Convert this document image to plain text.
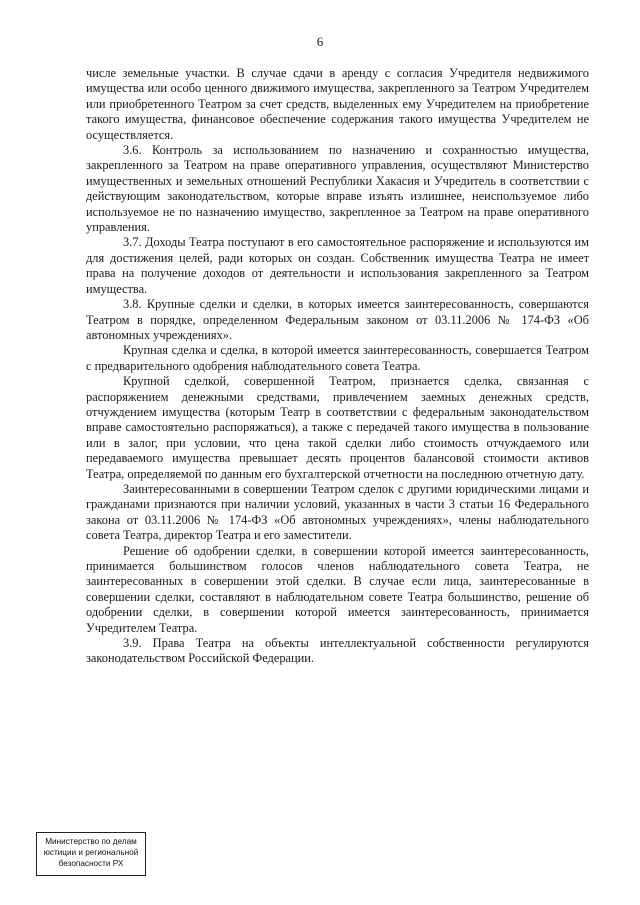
6

числе земельные участки. В случае сдачи в аренду с согласия Учредителя недвижимого имущества или особо ценного движимого имущества, закрепленного за Театром Учредителем или приобретенного Театром за счет средств, выделенных ему Учредителем на приобретение такого имущества, финансовое обеспечение содержания такого имущества Учредителем не осуществляется.

3.6. Контроль за использованием по назначению и сохранностью имущества, закрепленного за Театром на праве оперативного управления, осуществляют Министерство имущественных и земельных отношений Республики Хакасия и Учредитель в соответствии с действующим законодательством, которые вправе изъять излишнее, неиспользуемое либо используемое не по назначению имущество, закрепленное за Театром на праве оперативного управления.

3.7. Доходы Театра поступают в его самостоятельное распоряжение и используются им для достижения целей, ради которых он создан. Собственник имущества Театра не имеет права на получение доходов от деятельности и использования закрепленного за Театром имущества.

3.8. Крупные сделки и сделки, в которых имеется заинтересованность, совершаются Театром в порядке, определенном Федеральным законом от 03.11.2006 № 174-ФЗ «Об автономных учреждениях».

Крупная сделка и сделка, в которой имеется заинтересованность, совершается Театром с предварительного одобрения наблюдательного совета Театра.

Крупной сделкой, совершенной Театром, признается сделка, связанная с распоряжением денежными средствами, привлечением заемных денежных средств, отчуждением имущества (которым Театр в соответствии с федеральным законодательством вправе самостоятельно распоряжаться), а также с передачей такого имущества в пользование или в залог, при условии, что цена такой сделки либо стоимость отчуждаемого или передаваемого имущества превышает десять процентов балансовой стоимости активов Театра, определяемой по данным его бухгалтерской отчетности на последнюю отчетную дату.

Заинтересованными в совершении Театром сделок с другими юридическими лицами и гражданами признаются при наличии условий, указанных в части 3 статьи 16 Федерального закона от 03.11.2006 № 174-ФЗ «Об автономных учреждениях», члены наблюдательного совета Театра, директор Театра и его заместители.

Решение об одобрении сделки, в совершении которой имеется заинтересованность, принимается большинством голосов членов наблюдательного совета Театра, не заинтересованных в совершении этой сделки. В случае если лица, заинтересованные в совершении сделки, составляют в наблюдательном совете Театра большинство, решение об одобрении сделки, в совершении которой имеется заинтересованность, принимается Учредителем Театра.

3.9. Права Театра на объекты интеллектуальной собственности регулируются законодательством Российской Федерации.

Министерство по делам
юстиции и региональной
безопасности РХ
